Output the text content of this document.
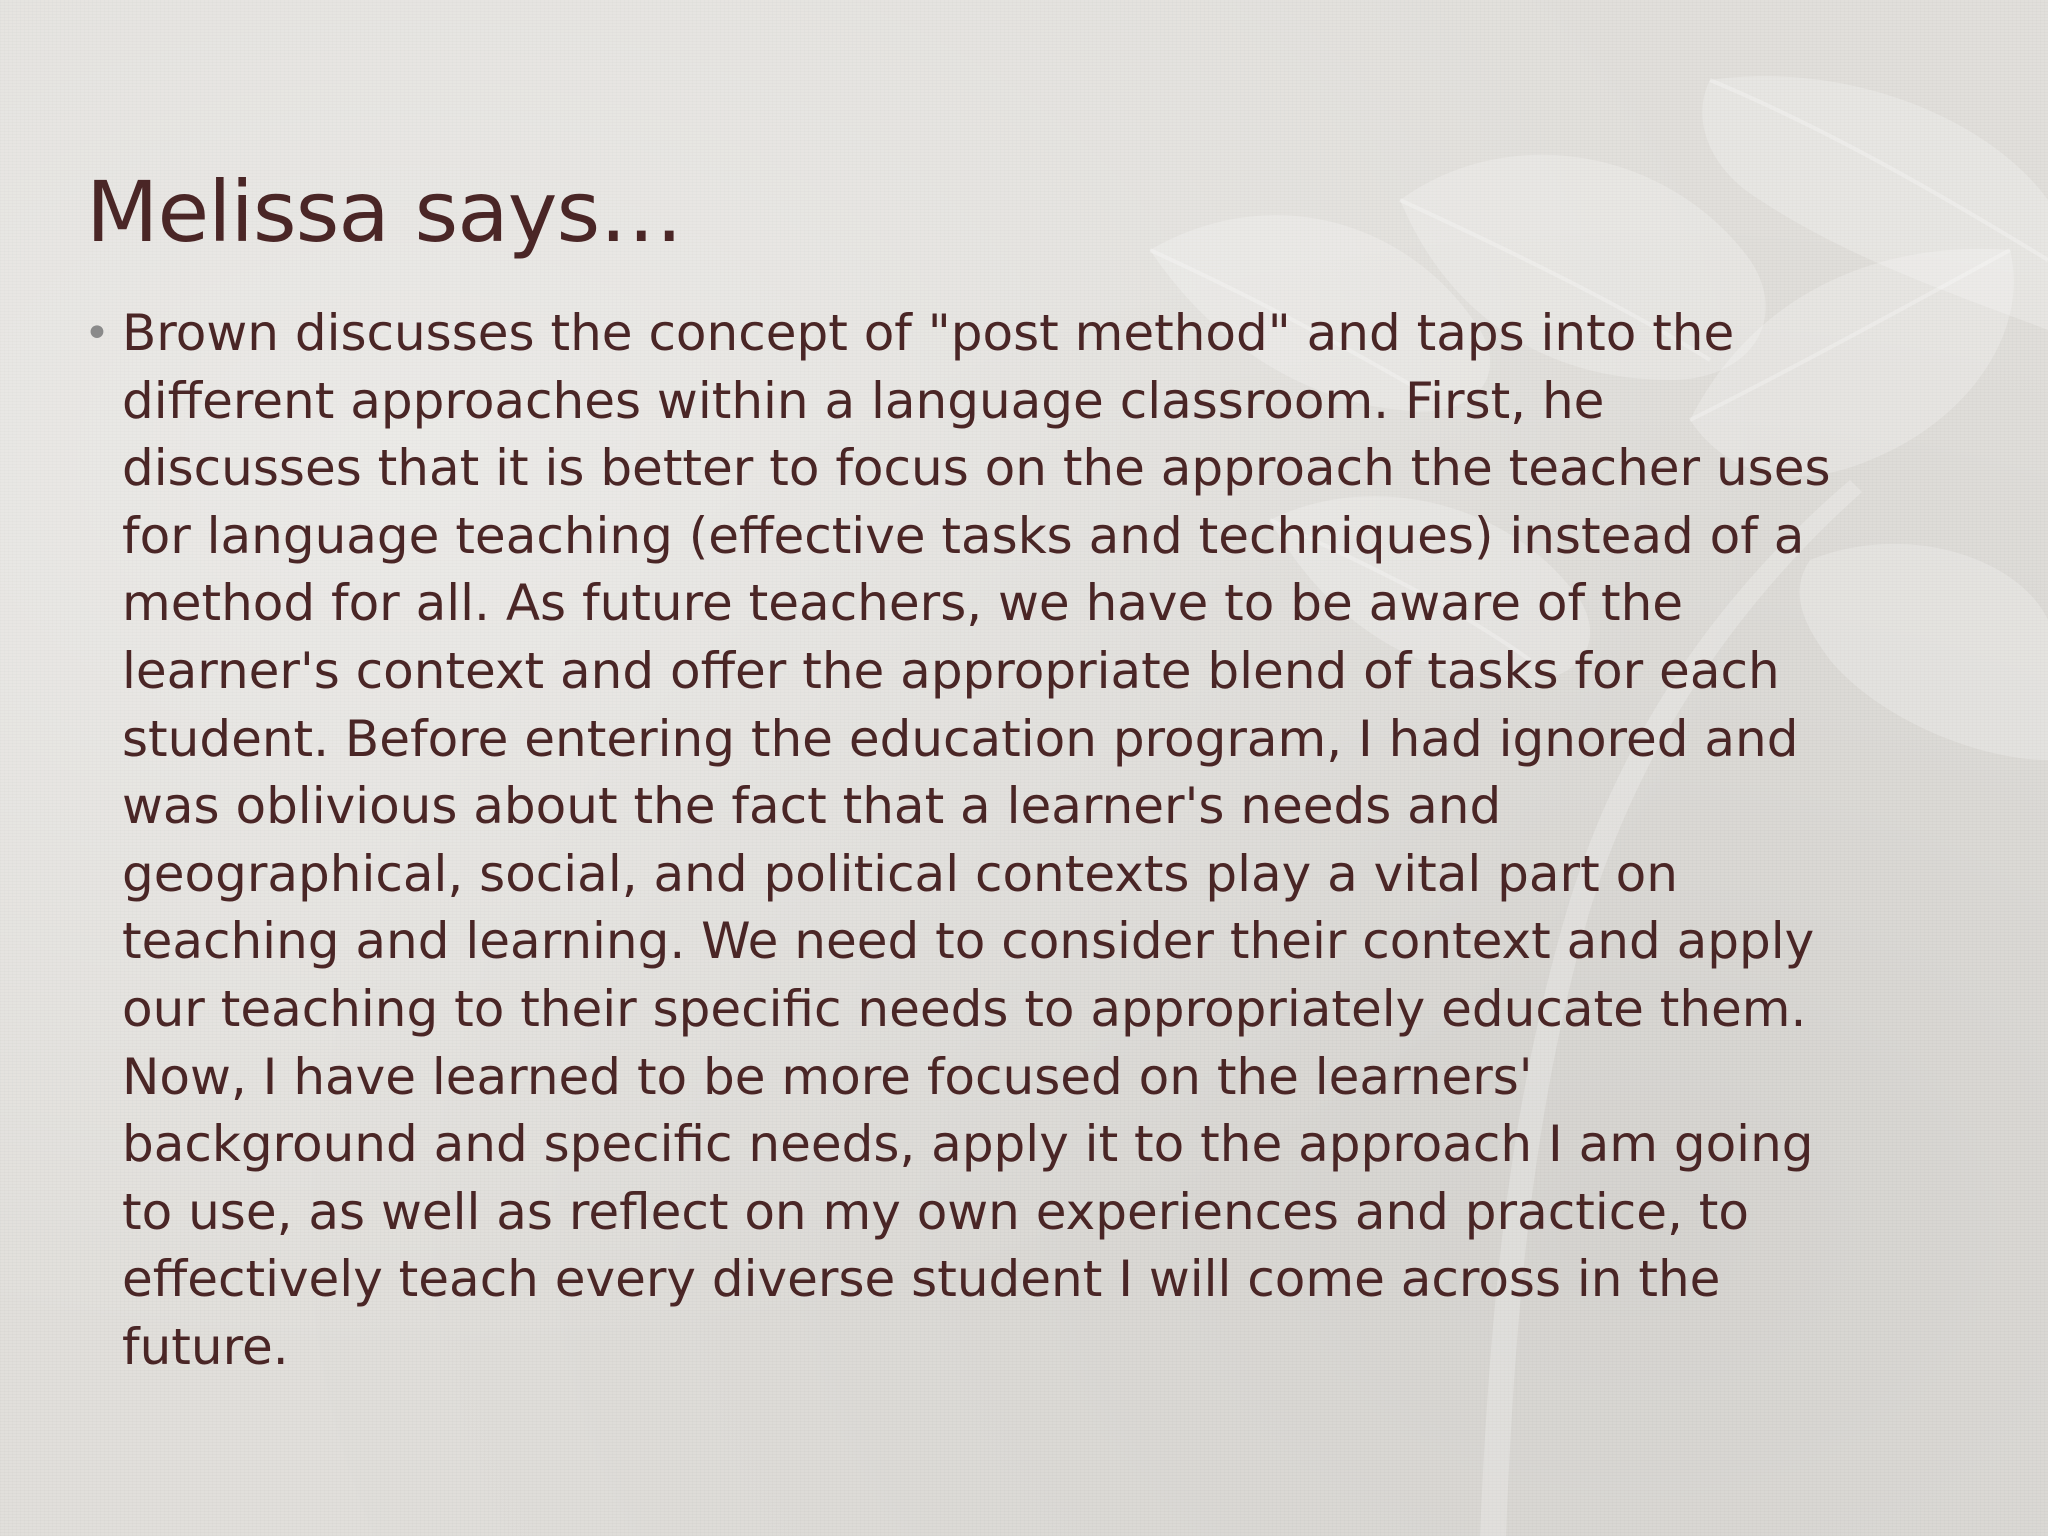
Melissa says…
• Brown discusses the concept of "post method" and taps into the
different approaches within a language classroom. First, he
discusses that it is better to focus on the approach the teacher uses
for language teaching (effective tasks and techniques) instead of a
method for all. As future teachers, we have to be aware of the
learner's context and offer the appropriate blend of tasks for each
student. Before entering the education program, I had ignored and
was oblivious about the fact that a learner's needs and
geographical, social, and political contexts play a vital part on
teaching and learning. We need to consider their context and apply
our teaching to their specific needs to appropriately educate them.
Now, I have learned to be more focused on the learners'
background and specific needs, apply it to the approach I am going
to use, as well as reflect on my own experiences and practice, to
effectively teach every diverse student I will come across in the
future.
